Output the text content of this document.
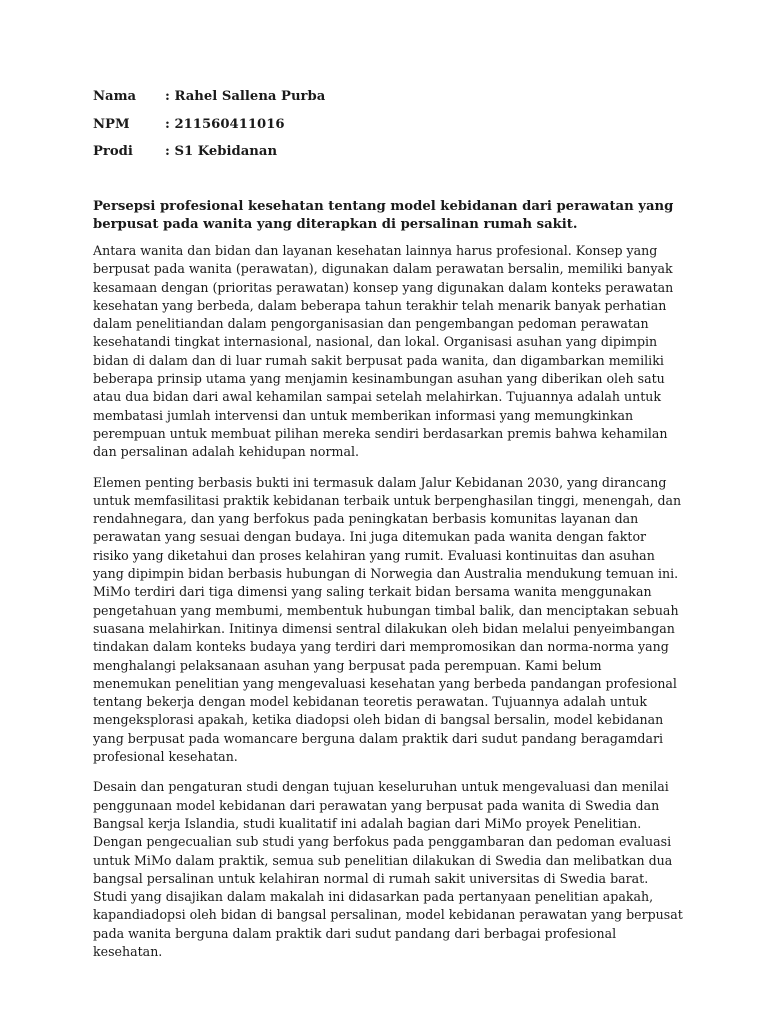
Nama : Rahel Sallena Purba
NPM	: 211560411016
Prodi : S1 Kebidanan
Persepsi profesional kesehatan tentang model kebidanan dari perawatan yang berpusat pada wanita yang diterapkan di persalinan rumah sakit.

Antara wanita dan bidan dan layanan kesehatan lainnya harus profesional. Konsep yang berpusat pada wanita (perawatan), digunakan dalam perawatan bersalin, memiliki banyak kesamaan dengan (prioritas perawatan) konsep yang digunakan dalam konteks perawatan kesehatan yang berbeda, dalam beberapa tahun terakhir telah menarik banyak perhatian dalam penelitiandan dalam pengorganisasian dan pengembangan pedoman perawatan kesehatandi tingkat internasional, nasional, dan lokal. Organisasi asuhan yang dipimpin bidan di dalam dan di luar rumah sakit berpusat pada wanita, dan digambarkan memiliki beberapa prinsip utama yang menjamin kesinambungan asuhan yang diberikan oleh satu atau dua bidan dari awal kehamilan sampai setelah melahirkan. Tujuannya adalah untuk membatasi jumlah intervensi dan untuk memberikan informasi yang memungkinkan perempuan untuk membuat pilihan mereka sendiri berdasarkan premis bahwa kehamilan dan persalinan adalah kehidupan normal.

Elemen penting berbasis bukti ini termasuk dalam Jalur Kebidanan 2030, yang dirancang untuk memfasilitasi praktik kebidanan terbaik untuk berpenghasilan tinggi, menengah, dan rendahnegara, dan yang berfokus pada peningkatan berbasis komunitas layanan dan perawatan yang sesuai dengan budaya. Ini juga ditemukan pada wanita dengan faktor risiko yang diketahui dan proses kelahiran yang rumit. Evaluasi kontinuitas dan asuhan yang dipimpin bidan berbasis hubungan di Norwegia dan Australia mendukung temuan ini. MiMo terdiri dari tiga dimensi yang saling terkait bidan bersama wanita menggunakan pengetahuan yang membumi, membentuk hubungan timbal balik, dan menciptakan sebuah suasana melahirkan. Initinya dimensi sentral dilakukan oleh bidan melalui penyeimbangan tindakan dalam konteks budaya yang terdiri dari mempromosikan dan norma-norma yang menghalangi pelaksanaan asuhan yang berpusat pada perempuan. Kami belum menemukan penelitian yang mengevaluasi kesehatan yang berbeda pandangan profesional tentang bekerja dengan model kebidanan teoretis perawatan. Tujuannya adalah untuk mengeksplorasi apakah, ketika diadopsi oleh bidan di bangsal bersalin, model kebidanan yang berpusat pada womancare berguna dalam praktik dari sudut pandang beragamdari profesional kesehatan.

Desain dan pengaturan studi dengan tujuan keseluruhan untuk mengevaluasi dan menilai penggunaan model kebidanan dari perawatan yang berpusat pada wanita di Swedia dan Bangsal kerja Islandia, studi kualitatif ini adalah bagian dari MiMo proyek Penelitian. Dengan pengecualian sub studi yang berfokus pada penggambaran dan pedoman evaluasi untuk MiMo dalam praktik, semua sub penelitian dilakukan di Swedia dan melibatkan dua bangsal persalinan untuk kelahiran normal di rumah sakit universitas di Swedia barat. Studi yang disajikan dalam makalah ini didasarkan pada pertanyaan penelitian apakah, kapandiadopsi oleh bidan di bangsal persalinan, model kebidanan perawatan yang berpusat pada wanita berguna dalam praktik dari sudut pandang dari berbagai profesional kesehatan.
